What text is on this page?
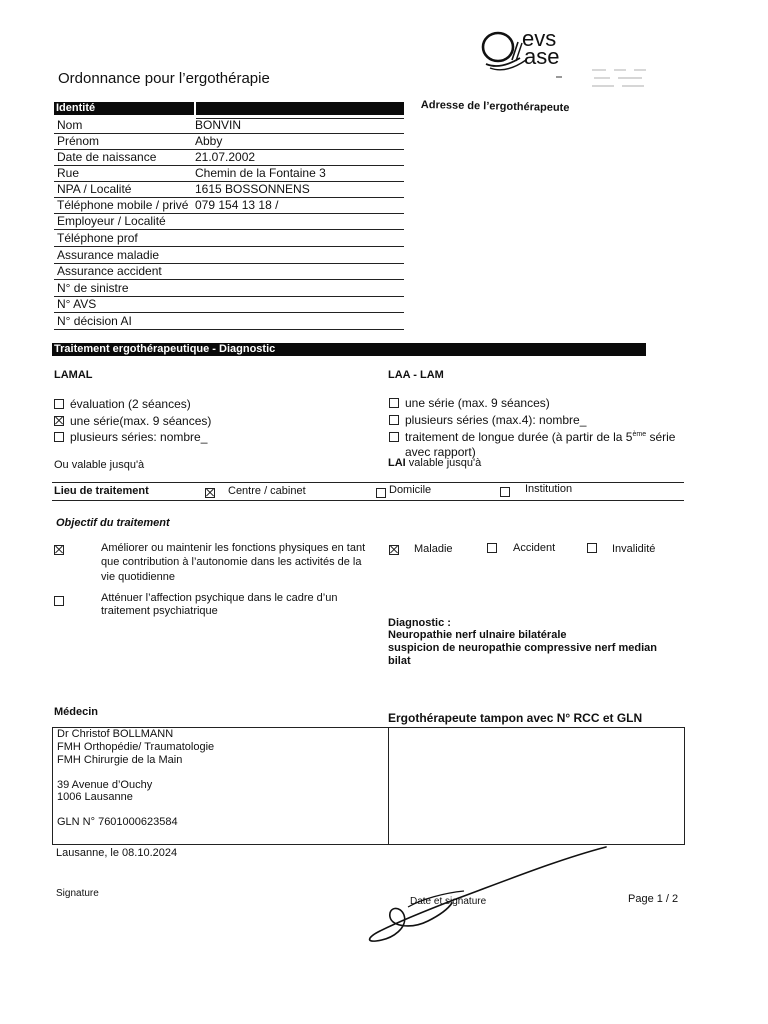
evs
ase
Ordonnance pour l’ergothérapie
Adresse de l’ergothérapeute
Identité
Nom	BONVIN
Prénom	Abby
Date de naissance	21.07.2002
Rue	Chemin de la Fontaine 3
NPA / Localité	1615 BOSSONNENS
Téléphone mobile / privé 079 154 13 18 /
Employeur / Localité
Téléphone prof
Assurance maladie
Assurance accident
N° de sinistre
N° AVS
N° décision AI
Traitement ergothérapeutique - Diagnostic
LAMAL
évaluation (2 séances)
une série(max. 9 séances)
plusieurs séries: nombre_
Ou valable jusqu'à
LAA - LAM
une série (max. 9 séances)
plusieurs séries (max.4): nombre_
traitement de longue durée (à partir de la 5ème série
avec rapport)
LAI valable jusqu'à
Lieu de traitement	Centre / cabinet	Domicile	Institution
Objectif du traitement
Améliorer ou maintenir les fonctions physiques en tant
que contribution à l’autonomie dans les activités de la
vie quotidienne
Atténuer l’affection psychique dans le cadre d’un
traitement psychiatrique
Maladie	Accident	Invalidité
Diagnostic :
Neuropathie nerf ulnaire bilatérale
suspicion de neuropathie compressive nerf median
bilat
Médecin	Ergothérapeute tampon avec N° RCC et GLN
Dr Christof BOLLMANN
FMH Orthopédie/ Traumatologie
FMH Chirurgie de la Main
39 Avenue d’Ouchy
1006 Lausanne
GLN N° 7601000623584
Lausanne, le 08.10.2024
Signature
Date et signature	Page 1 / 2
